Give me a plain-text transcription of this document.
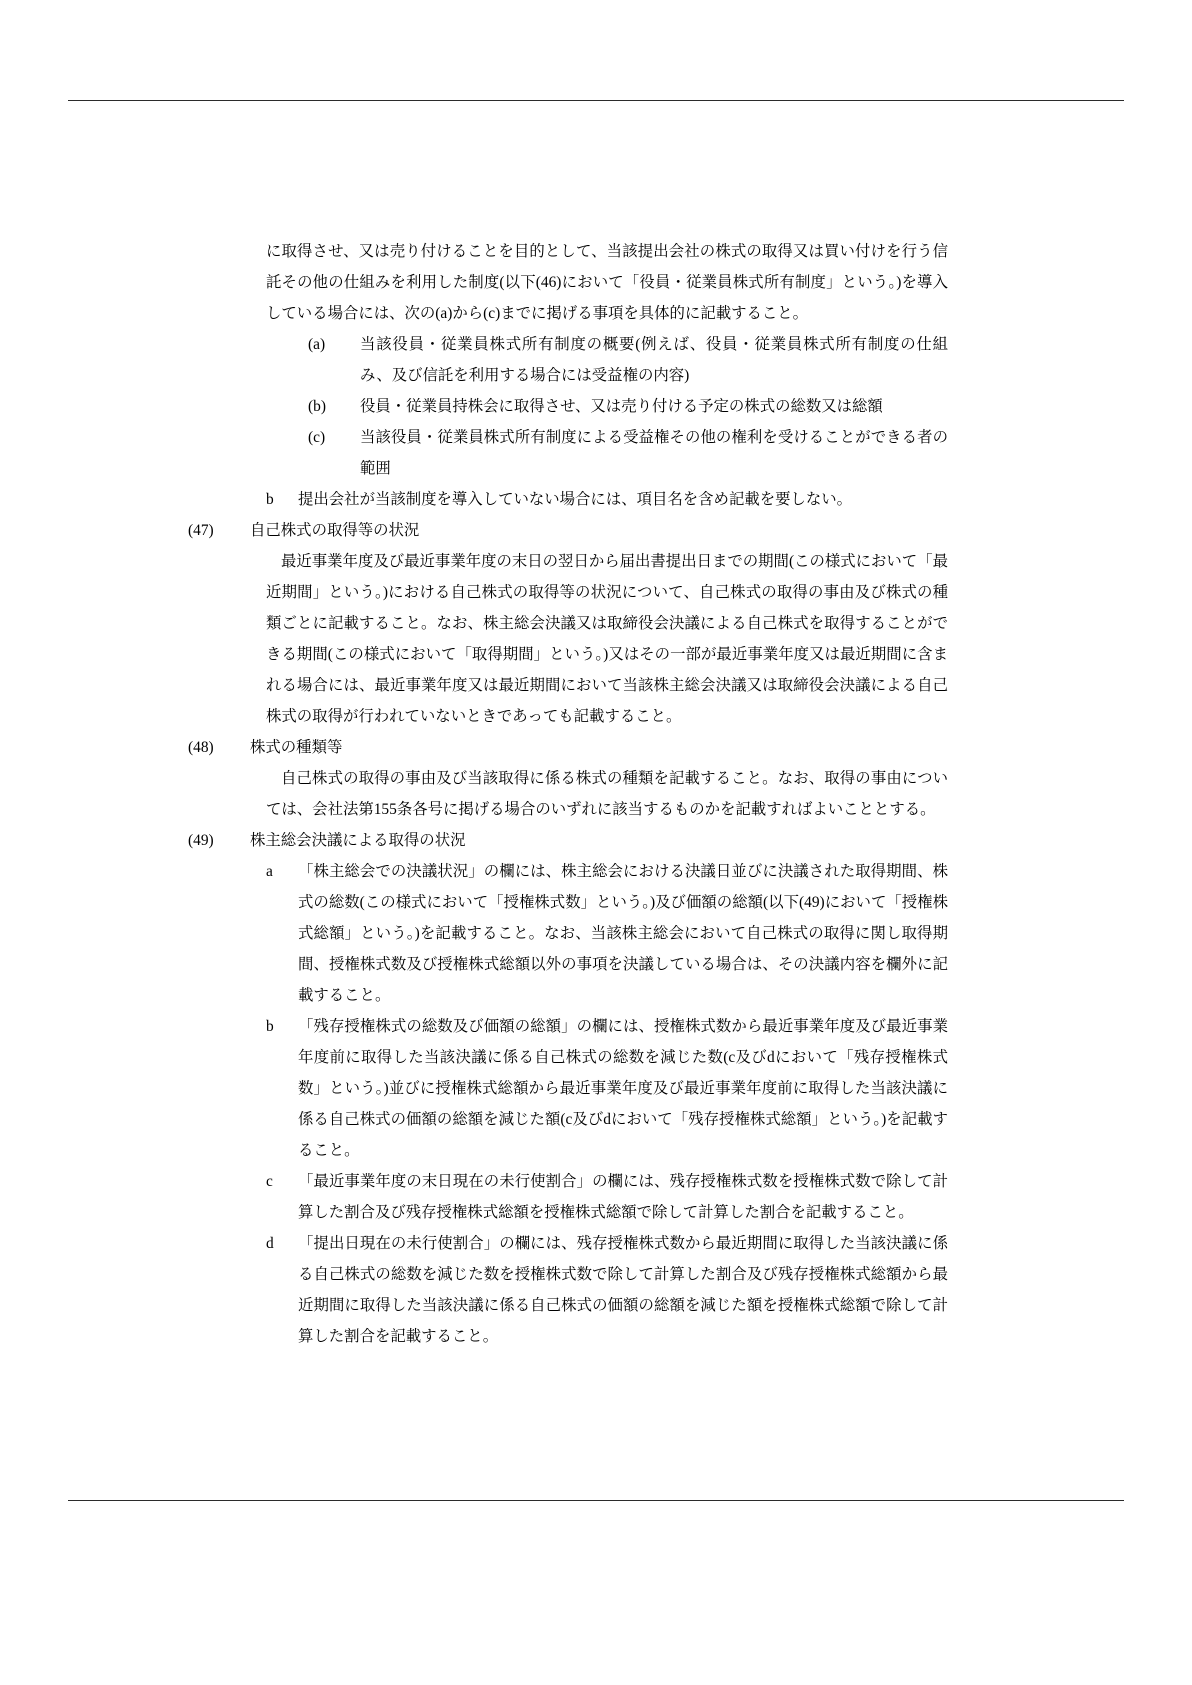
に取得させ、又は売り付けることを目的として、当該提出会社の株式の取得又は買い付けを行う信託その他の仕組みを利用した制度(以下(46)において「役員・従業員株式所有制度」という。)を導入している場合には、次の(a)から(c)までに掲げる事項を具体的に記載すること。

(a) 当該役員・従業員株式所有制度の概要(例えば、役員・従業員株式所有制度の仕組み、及び信託を利用する場合には受益権の内容)
(b) 役員・従業員持株会に取得させ、又は売り付ける予定の株式の総数又は総額
(c) 当該役員・従業員株式所有制度による受益権その他の権利を受けることができる者の範囲
b 提出会社が当該制度を導入していない場合には、項目名を含め記載を要しない。
(47) 自己株式の取得等の状況

最近事業年度及び最近事業年度の末日の翌日から届出書提出日までの期間(この様式において「最近期間」という。)における自己株式の取得等の状況について、自己株式の取得の事由及び株式の種類ごとに記載すること。なお、株主総会決議又は取締役会決議による自己株式を取得することができる期間(この様式において「取得期間」という。)又はその一部が最近事業年度又は最近期間に含まれる場合には、最近事業年度又は最近期間において当該株主総会決議又は取締役会決議による自己株式の取得が行われていないときであっても記載すること。

(48) 株式の種類等

自己株式の取得の事由及び当該取得に係る株式の種類を記載すること。なお、取得の事由については、会社法第155条各号に掲げる場合のいずれに該当するものかを記載すればよいこととする。

(49) 株主総会決議による取得の状況
a 「株主総会での決議状況」の欄には、株主総会における決議日並びに決議された取得期間、株式の総数(この様式において「授権株式数」という。)及び価額の総額(以下(49)において「授権株式総額」という。)を記載すること。なお、当該株主総会において自己株式の取得に関し取得期間、授権株式数及び授権株式総額以外の事項を決議している場合は、その決議内容を欄外に記載すること。
b 「残存授権株式の総数及び価額の総額」の欄には、授権株式数から最近事業年度及び最近事業年度前に取得した当該決議に係る自己株式の総数を減じた数(c及びdにおいて「残存授権株式数」という。)並びに授権株式総額から最近事業年度及び最近事業年度前に取得した当該決議に係る自己株式の価額の総額を減じた額(c及びdにおいて「残存授権株式総額」という。)を記載すること。
c 「最近事業年度の末日現在の未行使割合」の欄には、残存授権株式数を授権株式数で除して計算した割合及び残存授権株式総額を授権株式総額で除して計算した割合を記載すること。
d 「提出日現在の未行使割合」の欄には、残存授権株式数から最近期間に取得した当該決議に係る自己株式の総数を減じた数を授権株式数で除して計算した割合及び残存授権株式総額から最近期間に取得した当該決議に係る自己株式の価額の総額を減じた額を授権株式総額で除して計算した割合を記載すること。
